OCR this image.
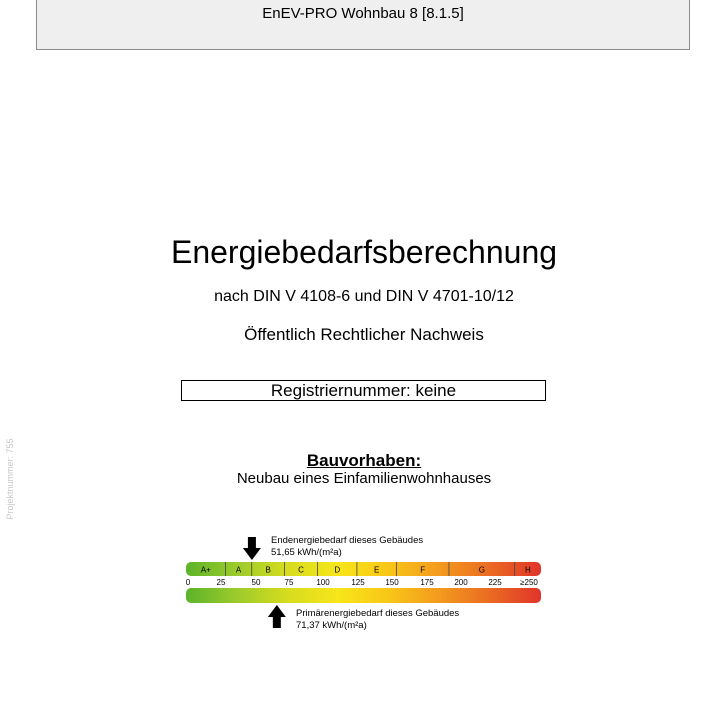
EnEV-PRO Wohnbau 8 [8.1.5]
Projektnummer: 755
Energiebedarfsberechnung
nach DIN V 4108-6 und DIN V 4701-10/12
Öffentlich Rechtlicher Nachweis
Registriernummer: keine
Bauvorhaben:
Neubau eines Einfamilienwohnhauses
A+	A	B	C	D	E	F	G	H
0	25	50	75	100	125	150	175	200	225 ≥250
Endenergiebedarf dieses Gebäudes
51,65 kWh/(m²a)
Primärenergiebedarf dieses Gebäudes
71,37 kWh/(m²a)
